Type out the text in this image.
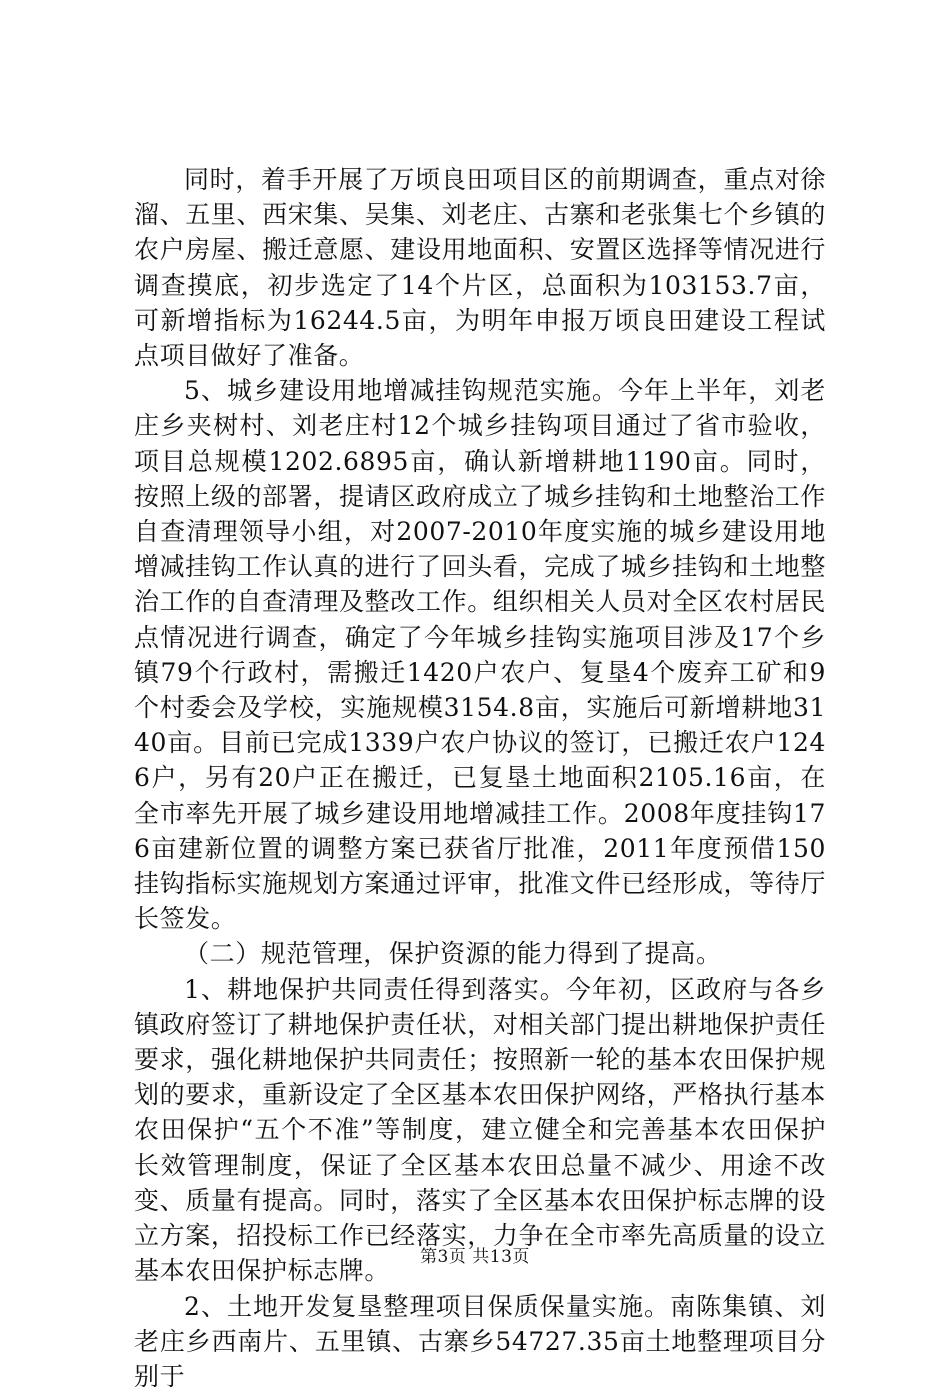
同时，着手开展了万顷良田项目区的前期调查，重点对徐溜、五里、西宋集、吴集、刘老庄、古寨和老张集七个乡镇的农户房屋、搬迁意愿、建设用地面积、安置区选择等情况进行调查摸底，初步选定了14个片区，总面积为103153.7亩，可新增指标为16244.5亩，为明年申报万顷良田建设工程试点项目做好了准备。

5、城乡建设用地增减挂钩规范实施。今年上半年，刘老庄乡夹树村、刘老庄村12个城乡挂钩项目通过了省市验收，项目总规模1202.6895亩，确认新增耕地1190亩。同时，按照上级的部署，提请区政府成立了城乡挂钩和土地整治工作自查清理领导小组，对2007-2010年度实施的城乡建设用地增减挂钩工作认真的进行了回头看，完成了城乡挂钩和土地整治工作的自查清理及整改工作。组织相关人员对全区农村居民点情况进行调查，确定了今年城乡挂钩实施项目涉及17个乡镇79个行政村，需搬迁1420户农户、复垦4个废弃工矿和9个村委会及学校，实施规模3154.8亩，实施后可新增耕地3140亩。目前已完成1339户农户协议的签订，已搬迁农户1246户，另有20户正在搬迁，已复垦土地面积2105.16亩，在全市率先开展了城乡建设用地增减挂工作。2008年度挂钩176亩建新位置的调整方案已获省厅批准，2011年度预借150挂钩指标实施规划方案通过评审，批准文件已经形成，等待厅长签发。

（二）规范管理，保护资源的能力得到了提高。

1、耕地保护共同责任得到落实。今年初，区政府与各乡镇政府签订了耕地保护责任状，对相关部门提出耕地保护责任要求，强化耕地保护共同责任；按照新一轮的基本农田保护规划的要求，重新设定了全区基本农田保护网络，严格执行基本农田保护“五个不准”等制度，建立健全和完善基本农田保护长效管理制度，保证了全区基本农田总量不减少、用途不改变、质量有提高。同时，落实了全区基本农田保护标志牌的设立方案，招投标工作已经落实，力争在全市率先高质量的设立基本农田保护标志牌。

2、土地开发复垦整理项目保质保量实施。南陈集镇、刘老庄乡西南片、五里镇、古寨乡54727.35亩土地整理项目分别于

第3页 共13页
